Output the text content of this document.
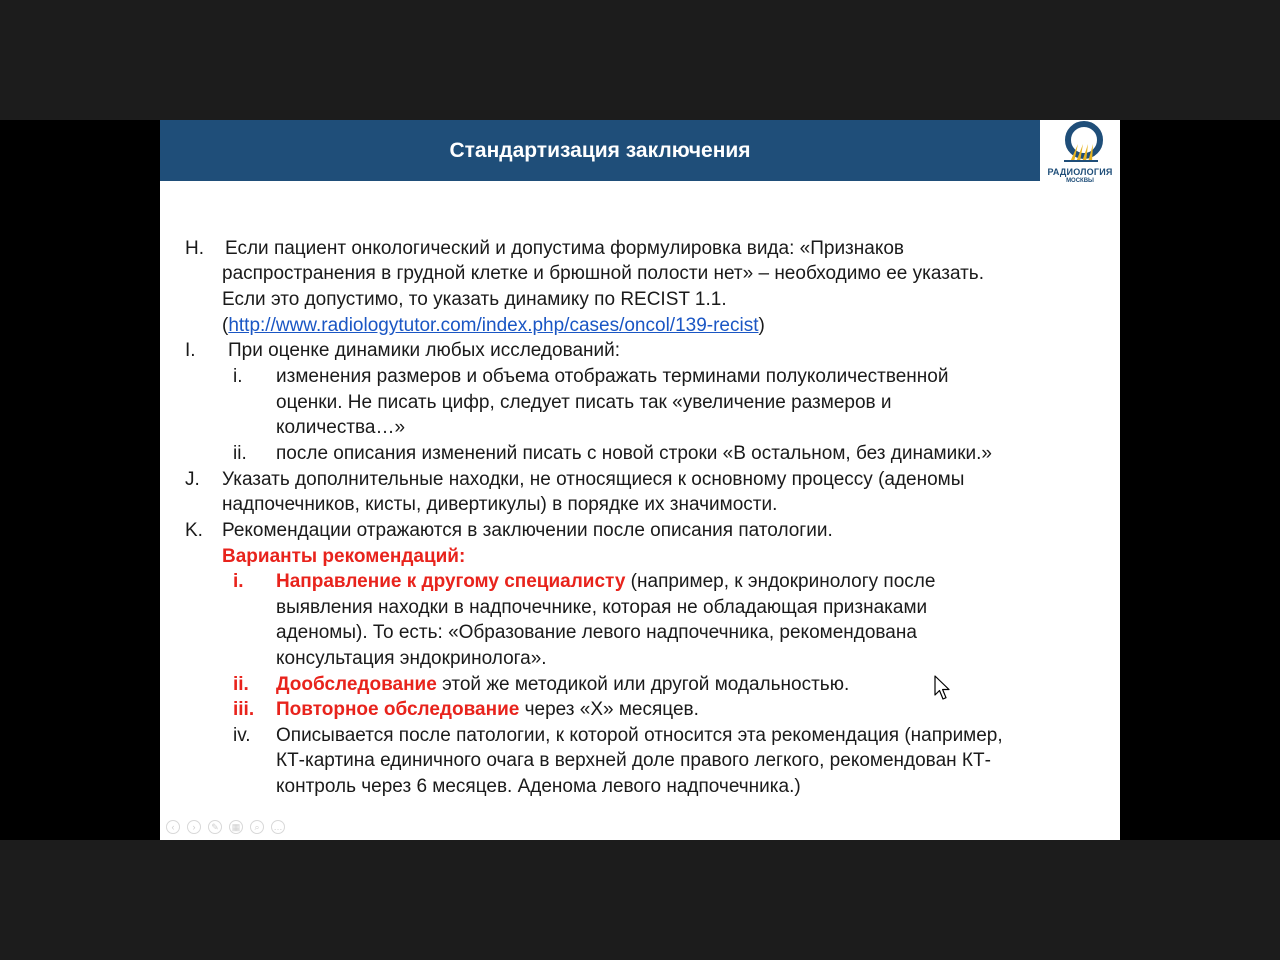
Стандартизация заключения
РАДИОЛОГИЯ
МОСКВЫ
H. Если пациент онкологический и допустима формулировка вида: «Признаков
распространения в грудной клетке и брюшной полости нет» – необходимо ее указать.
Если это допустимо, то указать динамику по RECIST 1.1.
(http://www.radiologytutor.com/index.php/cases/oncol/139-recist)
I. При оценке динамики любых исследований:
i. изменения размеров и объема отображать терминами полуколичественной
оценки. Не писать цифр, следует писать так «увеличение размеров и
количества…»
ii. после описания изменений писать с новой строки «В остальном, без динамики.»
J. Указать дополнительные находки, не относящиеся к основному процессу (аденомы
надпочечников, кисты, дивертикулы) в порядке их значимости.
K. Рекомендации отражаются в заключении после описания патологии.
Варианты рекомендаций:
i. Направление к другому специалисту (например, к эндокринологу после
выявления находки в надпочечнике, которая не обладающая признаками
аденомы). То есть: «Образование левого надпочечника, рекомендована
консультация эндокринолога».
ii. Дообследование этой же методикой или другой модальностью.
iii. Повторное обследование через «Х» месяцев.
iv. Описывается после патологии, к которой относится эта рекомендация (например,
КТ-картина единичного очага в верхней доле правого легкого, рекомендован КТ-
контроль через 6 месяцев. Аденома левого надпочечника.)
‹	›	✎	▦	⌕	…
